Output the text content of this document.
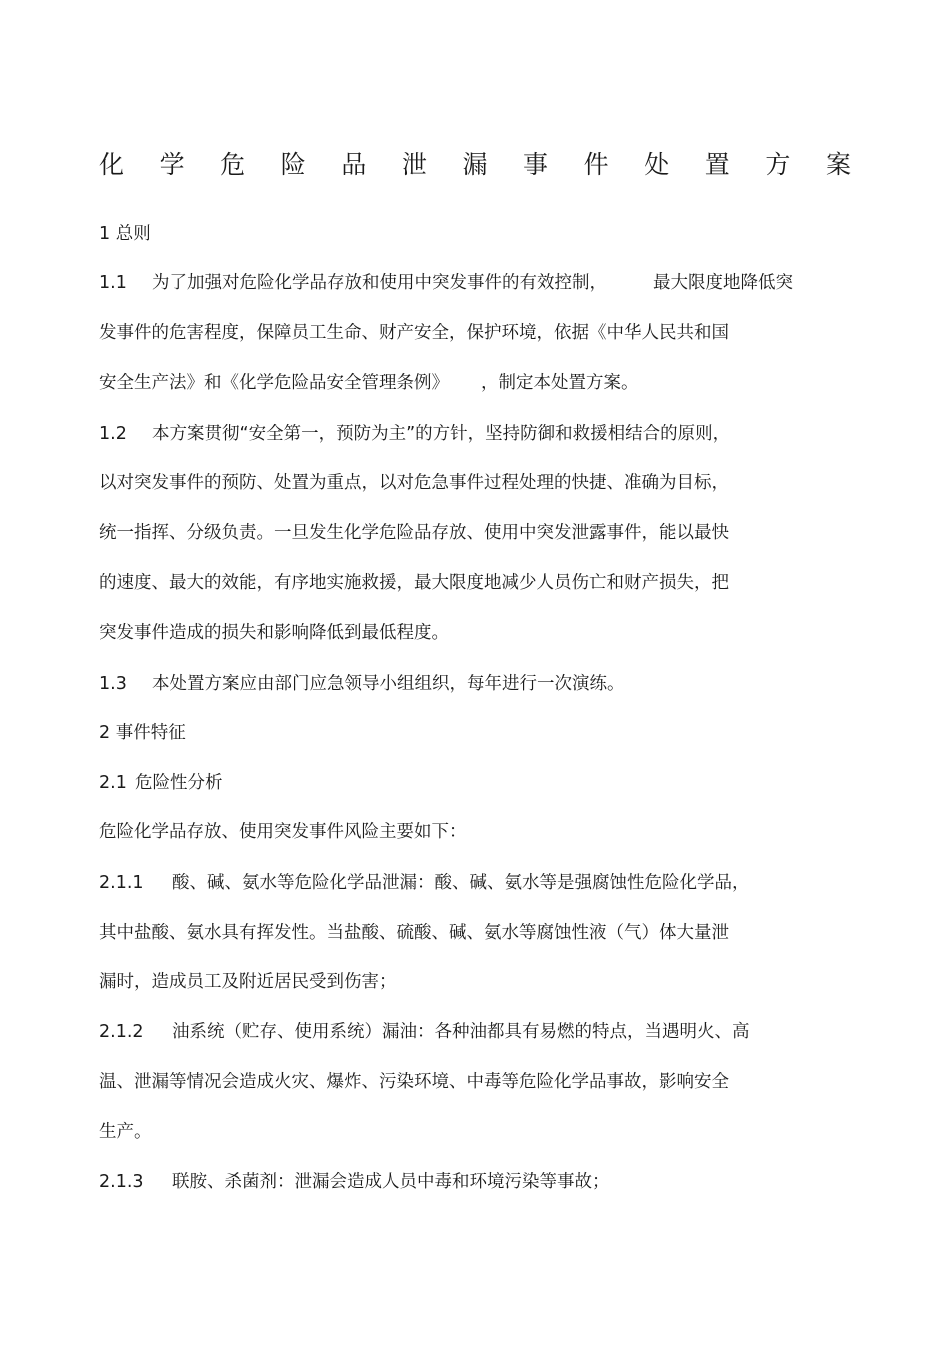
化 学 危 险 品 泄 漏 事 件 处 置 方 案
1 总则
1.1 为了加强对危险化学品存放和使用中突发事件的有效控制，	最大限度地降低突
发事件的危害程度，保障员工生命、财产安全，保护环境，依据《中华人民共和国
安全生产法》和《化学危险品安全管理条例》 ，制定本处置方案。
1.2 本方案贯彻“安全第一，预防为主”的方针，坚持防御和救援相结合的原则，
以对突发事件的预防、处置为重点，以对危急事件过程处理的快捷、准确为目标，
统一指挥、分级负责。一旦发生化学危险品存放、使用中突发泄露事件，能以最快
的速度、最大的效能，有序地实施救援，最大限度地减少人员伤亡和财产损失，把
突发事件造成的损失和影响降低到最低程度。
1.3 本处置方案应由部门应急领导小组组织，每年进行一次演练。
2 事件特征
2.1 危险性分析
危险化学品存放、使用突发事件风险主要如下：
2.1.1 酸、碱、氨水等危险化学品泄漏：酸、碱、氨水等是强腐蚀性危险化学品，
其中盐酸、氨水具有挥发性。当盐酸、硫酸、碱、氨水等腐蚀性液（气）体大量泄
漏时，造成员工及附近居民受到伤害；
2.1.2 油系统（贮存、使用系统）漏油：各种油都具有易燃的特点，当遇明火、高
温、泄漏等情况会造成火灾、爆炸、污染环境、中毒等危险化学品事故，影响安全
生产。
2.1.3 联胺、杀菌剂：泄漏会造成人员中毒和环境污染等事故；
